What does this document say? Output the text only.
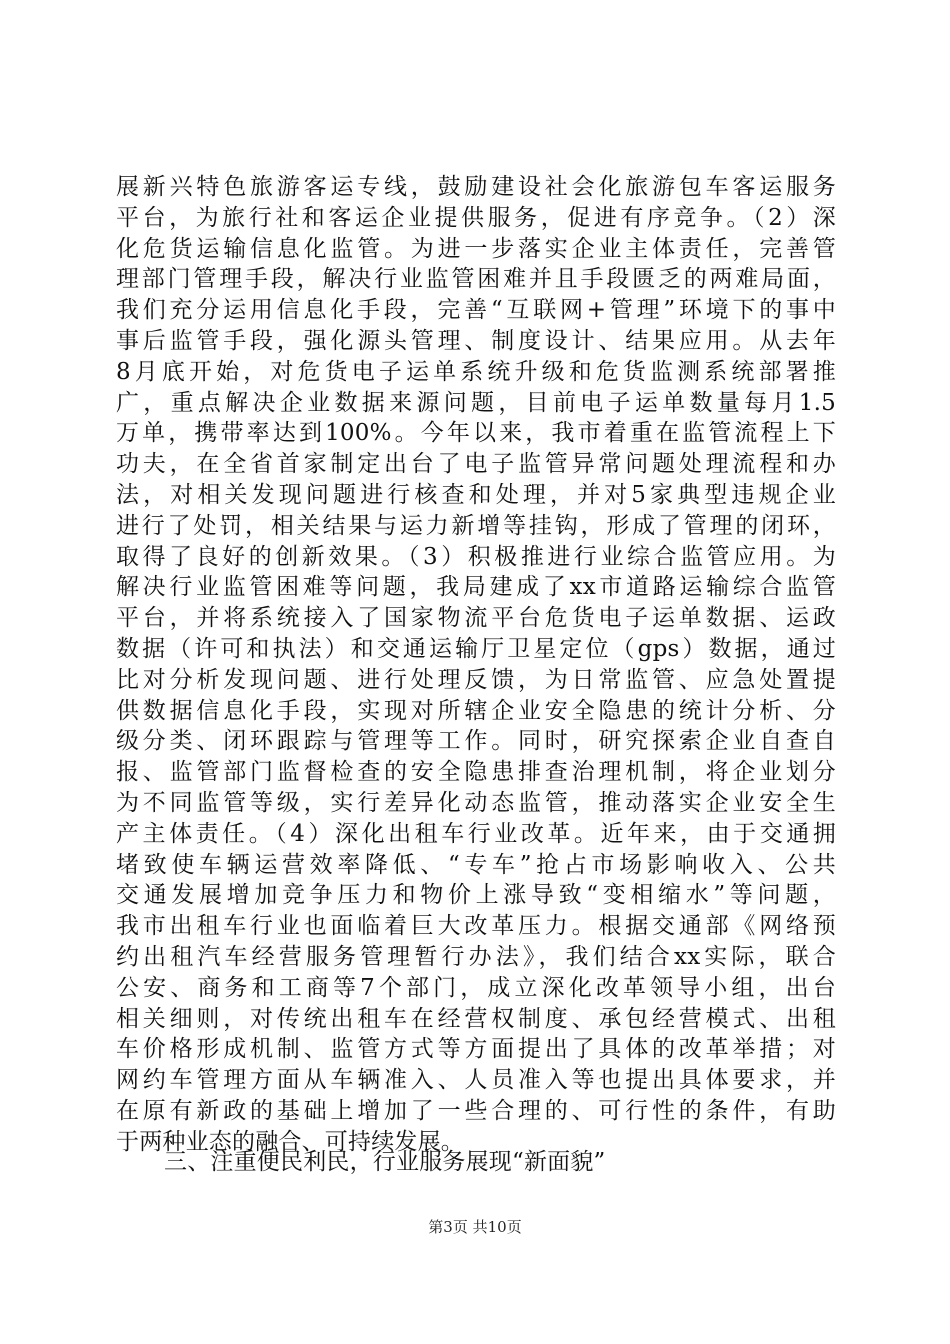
展新兴特色旅游客运专线，鼓励建设社会化旅游包车客运服务
平台，为旅行社和客运企业提供服务，促进有序竞争。（2）深
化危货运输信息化监管。为进一步落实企业主体责任，完善管
理部门管理手段，解决行业监管困难并且手段匮乏的两难局面，
我们充分运用信息化手段，完善“互联网+管理”环境下的事中
事后监管手段，强化源头管理、制度设计、结果应用。从去年
8月底开始，对危货电子运单系统升级和危货监测系统部署推
广，重点解决企业数据来源问题，目前电子运单数量每月1.5
万单，携带率达到100%。今年以来，我市着重在监管流程上下
功夫，在全省首家制定出台了电子监管异常问题处理流程和办
法，对相关发现问题进行核查和处理，并对5家典型违规企业
进行了处罚，相关结果与运力新增等挂钩，形成了管理的闭环，
取得了良好的创新效果。（3）积极推进行业综合监管应用。为
解决行业监管困难等问题，我局建成了xx市道路运输综合监管
平台，并将系统接入了国家物流平台危货电子运单数据、运政
数据（许可和执法）和交通运输厅卫星定位（gps）数据，通过
比对分析发现问题、进行处理反馈，为日常监管、应急处置提
供数据信息化手段，实现对所辖企业安全隐患的统计分析、分
级分类、闭环跟踪与管理等工作。同时，研究探索企业自查自
报、监管部门监督检查的安全隐患排查治理机制，将企业划分
为不同监管等级，实行差异化动态监管，推动落实企业安全生
产主体责任。（4）深化出租车行业改革。近年来，由于交通拥
堵致使车辆运营效率降低、“专车”抢占市场影响收入、公共
交通发展增加竞争压力和物价上涨导致“变相缩水”等问题，
我市出租车行业也面临着巨大改革压力。根据交通部《网络预
约出租汽车经营服务管理暂行办法》，我们结合xx实际，联合
公安、商务和工商等7个部门，成立深化改革领导小组，出台
相关细则，对传统出租车在经营权制度、承包经营模式、出租
车价格形成机制、监管方式等方面提出了具体的改革举措；对
网约车管理方面从车辆准入、人员准入等也提出具体要求，并
在原有新政的基础上增加了一些合理的、可行性的条件，有助
于两种业态的融合、可持续发展。
三、注重便民利民，行业服务展现“新面貌”
第3页 共10页
